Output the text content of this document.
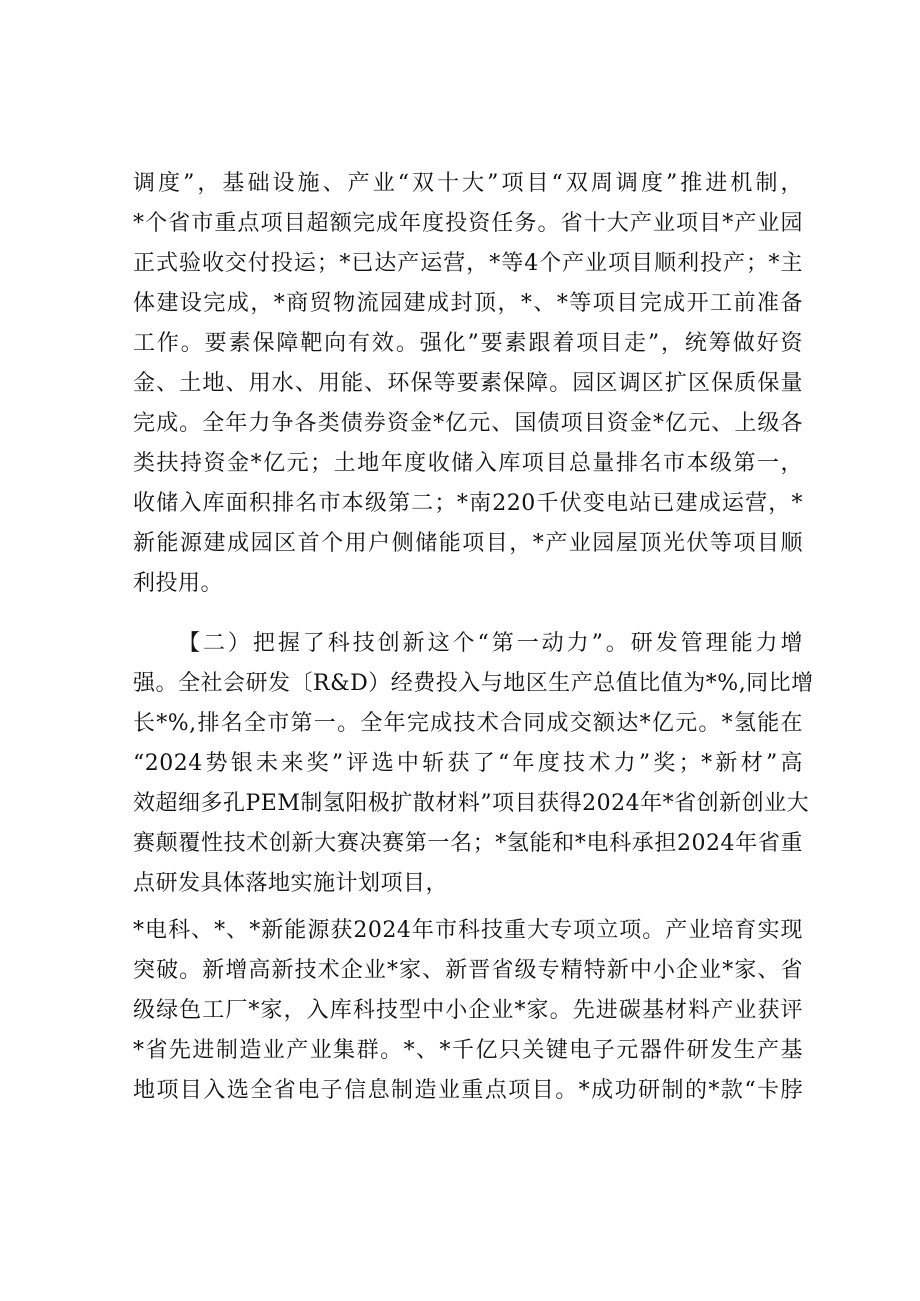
调度”，基础设施、产业“双十大”项目“双周调度”推进机制，
*个省市重点项目超额完成年度投资任务。省十大产业项目*产业园
正式验收交付投运；*已达产运营，*等4个产业项目顺利投产；*主
体建设完成，*商贸物流园建成封顶，*、*等项目完成开工前准备
工作。要素保障靶向有效。强化”要素跟着项目走”，统筹做好资
金、土地、用水、用能、环保等要素保障。园区调区扩区保质保量
完成。全年力争各类债券资金*亿元、国债项目资金*亿元、上级各
类扶持资金*亿元；土地年度收储入库项目总量排名市本级第一，
收储入库面积排名市本级第二；*南220千伏变电站已建成运营，*
新能源建成园区首个用户侧储能项目，*产业园屋顶光伏等项目顺
利投用。
【二）把握了科技创新这个“第一动力”。研发管理能力增
强。全社会研发〔R&D）经费投入与地区生产总值比值为*%,同比增
长*%,排名全市第一。全年完成技术合同成交额达*亿元。*氢能在
“2024势银未来奖”评选中斩获了“年度技术力”奖；*新材”高
效超细多孔PEM制氢阳极扩散材料”项目获得2024年*省创新创业大
赛颠覆性技术创新大赛决赛第一名；*氢能和*电科承担2024年省重
点研发具体落地实施计划项目，
*电科、*、*新能源获2024年市科技重大专项立项。产业培育实现
突破。新增高新技术企业*家、新晋省级专精特新中小企业*家、省
级绿色工厂*家，入库科技型中小企业*家。先进碳基材料产业获评
*省先进制造业产业集群。*、*千亿只关键电子元器件研发生产基
地项目入选全省电子信息制造业重点项目。*成功研制的*款“卡脖
